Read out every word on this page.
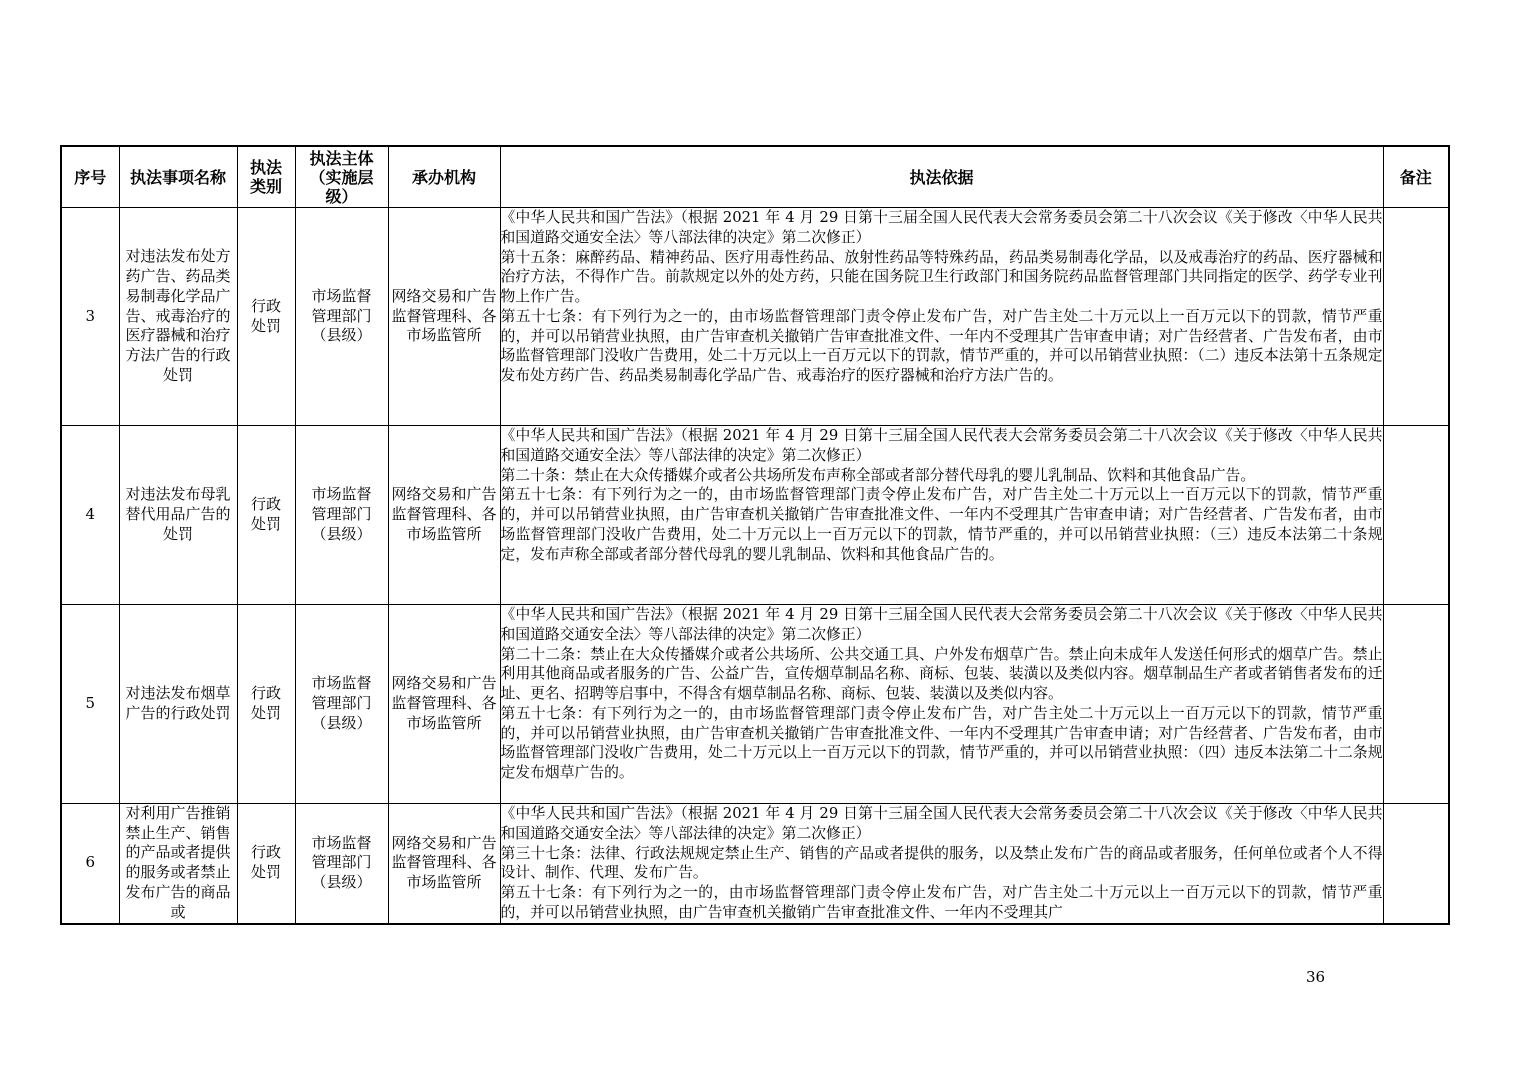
序号	执法事项名称	执法类别	执法主体（实施层级）	承办机构	执法依据	备注
3	对违法发布处方药广告、药品类易制毒化学品广告、戒毒治疗的医疗器械和治疗方法广告的行政处罚	行政处罚	市场监督管理部门（县级）	网络交易和广告监督管理科、各市场监管所	《中华人民共和国广告法》（根据 2021 年 4 月 29 日第十三届全国人民代表大会常务委员会第二十八次会议《关于修改〈中华人民共和国道路交通安全法〉等八部法律的决定》第二次修正）

第十五条：麻醉药品、精神药品、医疗用毒性药品、放射性药品等特殊药品，药品类易制毒化学品，以及戒毒治疗的药品、医疗器械和治疗方法，不得作广告。前款规定以外的处方药，只能在国务院卫生行政部门和国务院药品监督管理部门共同指定的医学、药学专业刊物上作广告。

第五十七条：有下列行为之一的，由市场监督管理部门责令停止发布广告，对广告主处二十万元以上一百万元以下的罚款，情节严重的，并可以吊销营业执照，由广告审查机关撤销广告审查批准文件、一年内不受理其广告审查申请；对广告经营者、广告发布者，由市场监督管理部门没收广告费用，处二十万元以上一百万元以下的罚款，情节严重的，并可以吊销营业执照：（二）违反本法第十五条规定发布处方药广告、药品类易制毒化学品广告、戒毒治疗的医疗器械和治疗方法广告的。	

4	对违法发布母乳替代用品广告的处罚	行政处罚	市场监督管理部门（县级）	网络交易和广告监督管理科、各市场监管所	《中华人民共和国广告法》（根据 2021 年 4 月 29 日第十三届全国人民代表大会常务委员会第二十八次会议《关于修改〈中华人民共和国道路交通安全法〉等八部法律的决定》第二次修正）

第二十条：禁止在大众传播媒介或者公共场所发布声称全部或者部分替代母乳的婴儿乳制品、饮料和其他食品广告。

第五十七条：有下列行为之一的，由市场监督管理部门责令停止发布广告，对广告主处二十万元以上一百万元以下的罚款，情节严重的，并可以吊销营业执照，由广告审查机关撤销广告审查批准文件、一年内不受理其广告审查申请；对广告经营者、广告发布者，由市场监督管理部门没收广告费用，处二十万元以上一百万元以下的罚款，情节严重的，并可以吊销营业执照：（三）违反本法第二十条规定，发布声称全部或者部分替代母乳的婴儿乳制品、饮料和其他食品广告的。	

5	对违法发布烟草广告的行政处罚	行政处罚	市场监督管理部门（县级）	网络交易和广告监督管理科、各市场监管所	《中华人民共和国广告法》（根据 2021 年 4 月 29 日第十三届全国人民代表大会常务委员会第二十八次会议《关于修改〈中华人民共和国道路交通安全法〉等八部法律的决定》第二次修正）

第二十二条：禁止在大众传播媒介或者公共场所、公共交通工具、户外发布烟草广告。禁止向未成年人发送任何形式的烟草广告。禁止利用其他商品或者服务的广告、公益广告，宣传烟草制品名称、商标、包装、装潢以及类似内容。烟草制品生产者或者销售者发布的迁址、更名、招聘等启事中，不得含有烟草制品名称、商标、包装、装潢以及类似内容。

第五十七条：有下列行为之一的，由市场监督管理部门责令停止发布广告，对广告主处二十万元以上一百万元以下的罚款，情节严重的，并可以吊销营业执照，由广告审查机关撤销广告审查批准文件、一年内不受理其广告审查申请；对广告经营者、广告发布者，由市场监督管理部门没收广告费用，处二十万元以上一百万元以下的罚款，情节严重的，并可以吊销营业执照：（四）违反本法第二十二条规定发布烟草广告的。	

6	对利用广告推销禁止生产、销售的产品或者提供的服务或者禁止发布广告的商品或	行政处罚	市场监督管理部门（县级）	网络交易和广告监督管理科、各市场监管所	《中华人民共和国广告法》（根据 2021 年 4 月 29 日第十三届全国人民代表大会常务委员会第二十八次会议《关于修改〈中华人民共和国道路交通安全法〉等八部法律的决定》第二次修正）

第三十七条：法律、行政法规规定禁止生产、销售的产品或者提供的服务，以及禁止发布广告的商品或者服务，任何单位或者个人不得设计、制作、代理、发布广告。

第五十七条：有下列行为之一的，由市场监督管理部门责令停止发布广告，对广告主处二十万元以上一百万元以下的罚款，情节严重的，并可以吊销营业执照，由广告审查机关撤销广告审查批准文件、一年内不受理其广	

36
